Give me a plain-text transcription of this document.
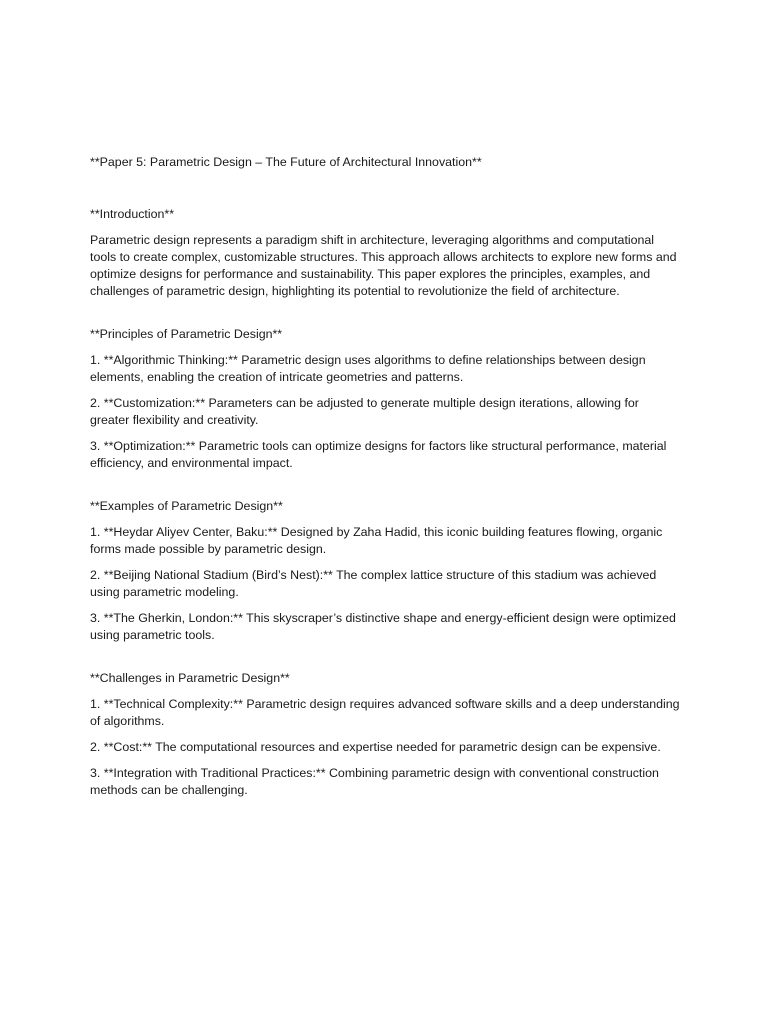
**Paper 5: Parametric Design – The Future of Architectural Innovation**

**Introduction**

Parametric design represents a paradigm shift in architecture, leveraging algorithms and computational tools to create complex, customizable structures. This approach allows architects to explore new forms and optimize designs for performance and sustainability. This paper explores the principles, examples, and challenges of parametric design, highlighting its potential to revolutionize the field of architecture.

**Principles of Parametric Design**

1. **Algorithmic Thinking:** Parametric design uses algorithms to define relationships between design elements, enabling the creation of intricate geometries and patterns.

2. **Customization:** Parameters can be adjusted to generate multiple design iterations, allowing for greater flexibility and creativity.

3. **Optimization:** Parametric tools can optimize designs for factors like structural performance, material efficiency, and environmental impact.

**Examples of Parametric Design**

1. **Heydar Aliyev Center, Baku:** Designed by Zaha Hadid, this iconic building features flowing, organic forms made possible by parametric design.

2. **Beijing National Stadium (Bird’s Nest):** The complex lattice structure of this stadium was achieved using parametric modeling.

3. **The Gherkin, London:** This skyscraper’s distinctive shape and energy-efficient design were optimized using parametric tools.

**Challenges in Parametric Design**

1. **Technical Complexity:** Parametric design requires advanced software skills and a deep understanding of algorithms.

2. **Cost:** The computational resources and expertise needed for parametric design can be expensive.

3. **Integration with Traditional Practices:** Combining parametric design with conventional construction methods can be challenging.
